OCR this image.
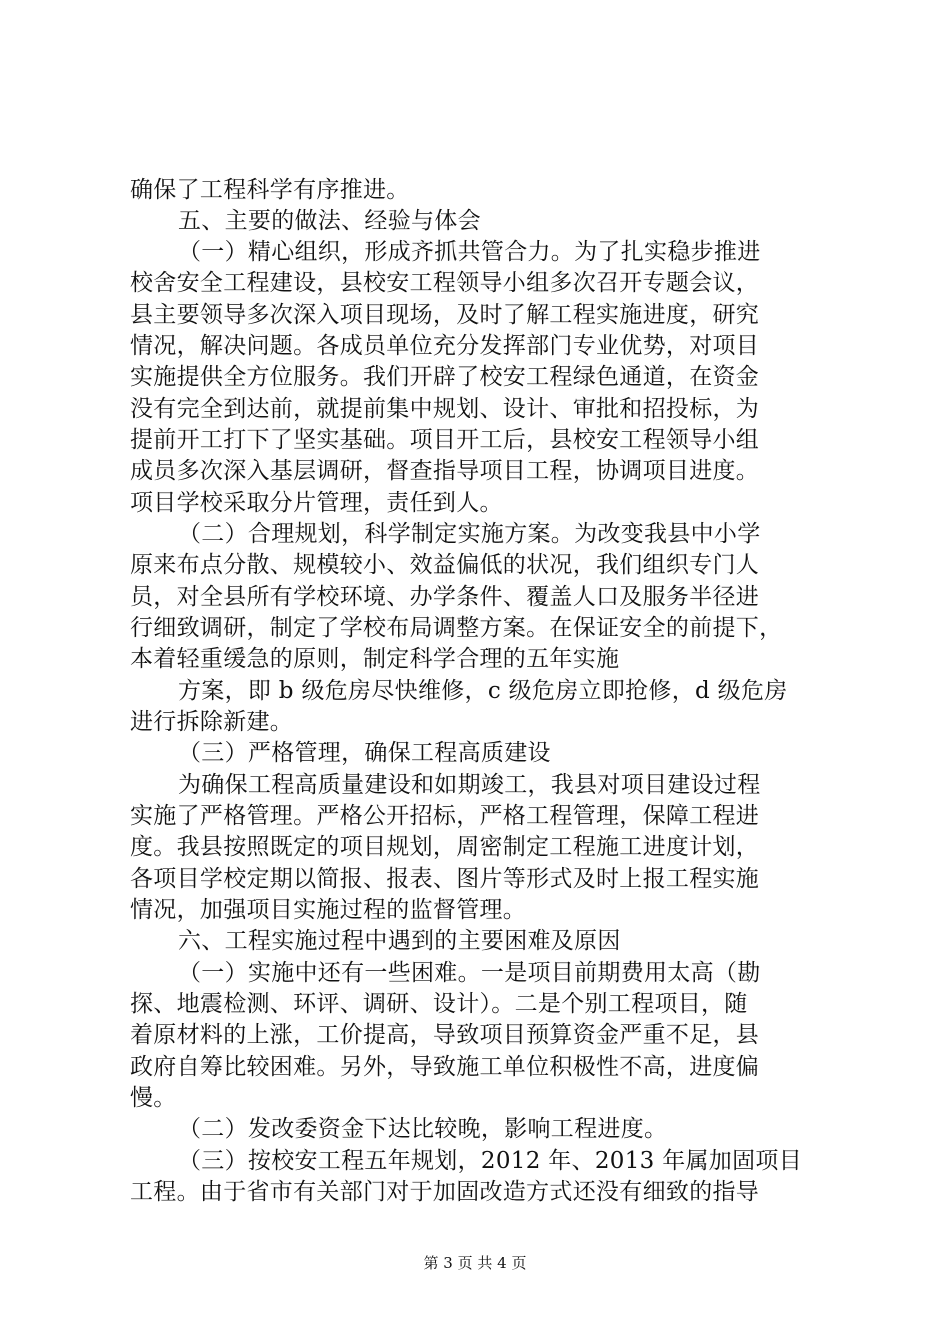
确保了工程科学有序推进。
五、主要的做法、经验与体会
（一）精心组织，形成齐抓共管合力。为了扎实稳步推进
校舍安全工程建设，县校安工程领导小组多次召开专题会议，
县主要领导多次深入项目现场，及时了解工程实施进度，研究
情况，解决问题。各成员单位充分发挥部门专业优势，对项目
实施提供全方位服务。我们开辟了校安工程绿色通道，在资金
没有完全到达前，就提前集中规划、设计、审批和招投标，为
提前开工打下了坚实基础。项目开工后，县校安工程领导小组
成员多次深入基层调研，督查指导项目工程，协调项目进度。
项目学校采取分片管理，责任到人。
（二）合理规划，科学制定实施方案。为改变我县中小学
原来布点分散、规模较小、效益偏低的状况，我们组织专门人
员，对全县所有学校环境、办学条件、覆盖人口及服务半径进
行细致调研，制定了学校布局调整方案。在保证安全的前提下，
本着轻重缓急的原则，制定科学合理的五年实施
方案，即 b 级危房尽快维修，c 级危房立即抢修，d 级危房
进行拆除新建。
（三）严格管理，确保工程高质建设
为确保工程高质量建设和如期竣工，我县对项目建设过程
实施了严格管理。严格公开招标，严格工程管理，保障工程进
度。我县按照既定的项目规划，周密制定工程施工进度计划，
各项目学校定期以简报、报表、图片等形式及时上报工程实施
情况，加强项目实施过程的监督管理。
六、工程实施过程中遇到的主要困难及原因
（一）实施中还有一些困难。一是项目前期费用太高（勘
探、地震检测、环评、调研、设计）。二是个别工程项目，随
着原材料的上涨，工价提高，导致项目预算资金严重不足，县
政府自筹比较困难。另外，导致施工单位积极性不高，进度偏
慢。
（二）发改委资金下达比较晚，影响工程进度。
（三）按校安工程五年规划，2012 年、2013 年属加固项目
工程。由于省市有关部门对于加固改造方式还没有细致的指导
第 3 页 共 4 页
